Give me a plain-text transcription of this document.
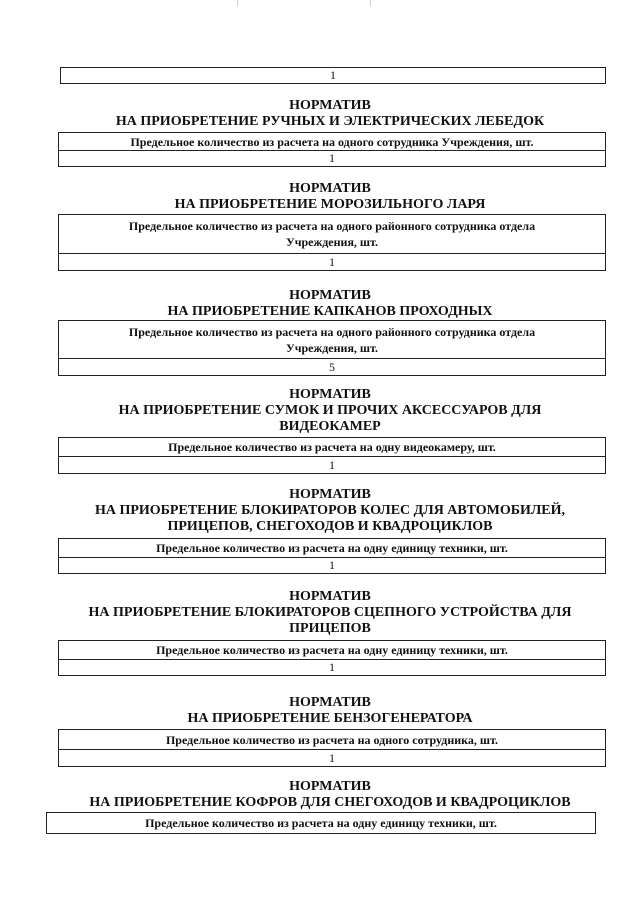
1
НОРМАТИВ
НА ПРИОБРЕТЕНИЕ РУЧНЫХ И ЭЛЕКТРИЧЕСКИХ ЛЕБЕДОК
Предельное количество из расчета на одного сотрудника Учреждения, шт.
1
НОРМАТИВ
НА ПРИОБРЕТЕНИЕ МОРОЗИЛЬНОГО ЛАРЯ
Предельное количество из расчета на одного районного сотрудника отдела Учреждения, шт.
1
НОРМАТИВ
НА ПРИОБРЕТЕНИЕ КАПКАНОВ ПРОХОДНЫХ
Предельное количество из расчета на одного районного сотрудника отдела Учреждения, шт.
5
НОРМАТИВ
НА ПРИОБРЕТЕНИЕ СУМОК И ПРОЧИХ АКСЕССУАРОВ ДЛЯ ВИДЕОКАМЕР
Предельное количество из расчета на одну видеокамеру, шт.
1
НОРМАТИВ
НА ПРИОБРЕТЕНИЕ БЛОКИРАТОРОВ КОЛЕС ДЛЯ АВТОМОБИЛЕЙ, ПРИЦЕПОВ, СНЕГОХОДОВ И КВАДРОЦИКЛОВ
Предельное количество из расчета на одну единицу техники, шт.
1
НОРМАТИВ
НА ПРИОБРЕТЕНИЕ БЛОКИРАТОРОВ СЦЕПНОГО УСТРОЙСТВА ДЛЯ ПРИЦЕПОВ
Предельное количество из расчета на одну единицу техники, шт.
1
НОРМАТИВ
НА ПРИОБРЕТЕНИЕ БЕНЗОГЕНЕРАТОРА
Предельное количество из расчета на одного сотрудника, шт.
1
НОРМАТИВ
НА ПРИОБРЕТЕНИЕ КОФРОВ ДЛЯ СНЕГОХОДОВ И КВАДРОЦИКЛОВ
Предельное количество из расчета на одну единицу техники, шт.
